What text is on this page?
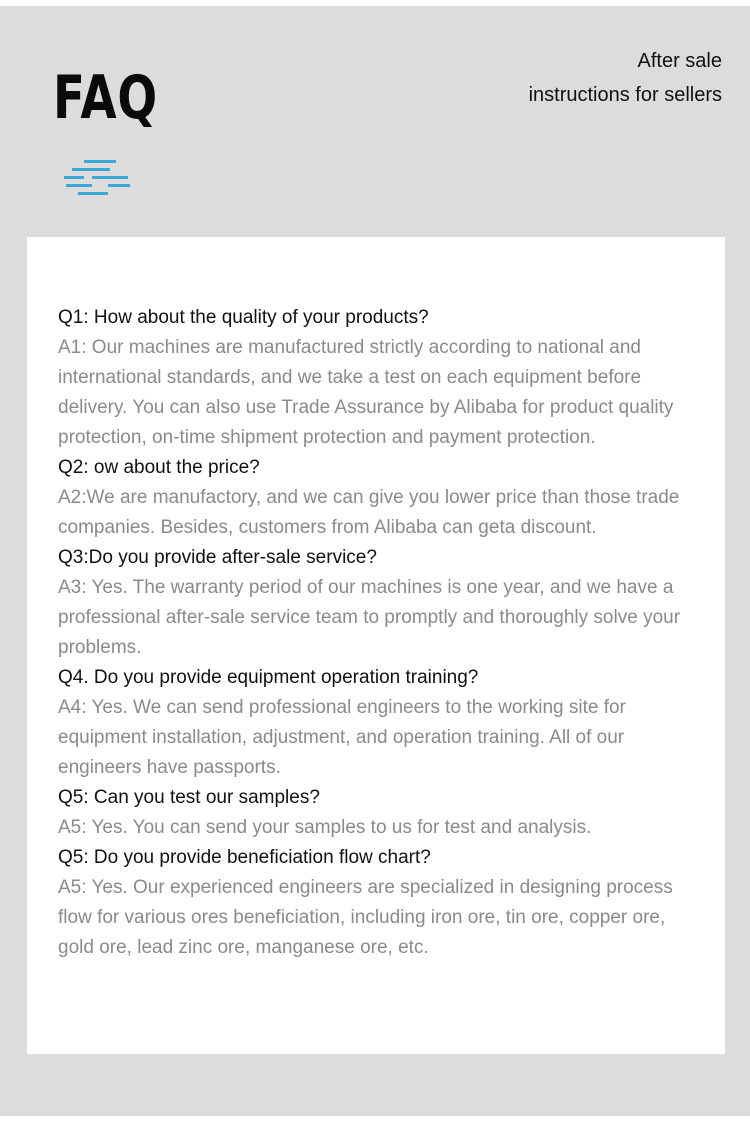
FAQ
After sale
instructions for sellers

Q1: How about the quality of your products?

A1: Our machines are manufactured strictly according to national and international standards, and we take a test on each equipment before delivery. You can also use Trade Assurance by Alibaba for product quality protection, on-time shipment protection and payment protection.

Q2: ow about the price?

A2:We are manufactory, and we can give you lower price than those trade companies. Besides, customers from Alibaba can geta discount.

Q3:Do you provide after-sale service?

A3: Yes. The warranty period of our machines is one year, and we have a professional after-sale service team to promptly and thoroughly solve your problems.

Q4. Do you provide equipment operation training?

A4: Yes. We can send professional engineers to the working site for equipment installation, adjustment, and operation training. All of our engineers have passports.

Q5: Can you test our samples?

A5: Yes. You can send your samples to us for test and analysis.

Q5: Do you provide beneficiation flow chart?

A5: Yes. Our experienced engineers are specialized in designing process flow for various ores beneficiation, including iron ore, tin ore, copper ore, gold ore, lead zinc ore, manganese ore, etc.
